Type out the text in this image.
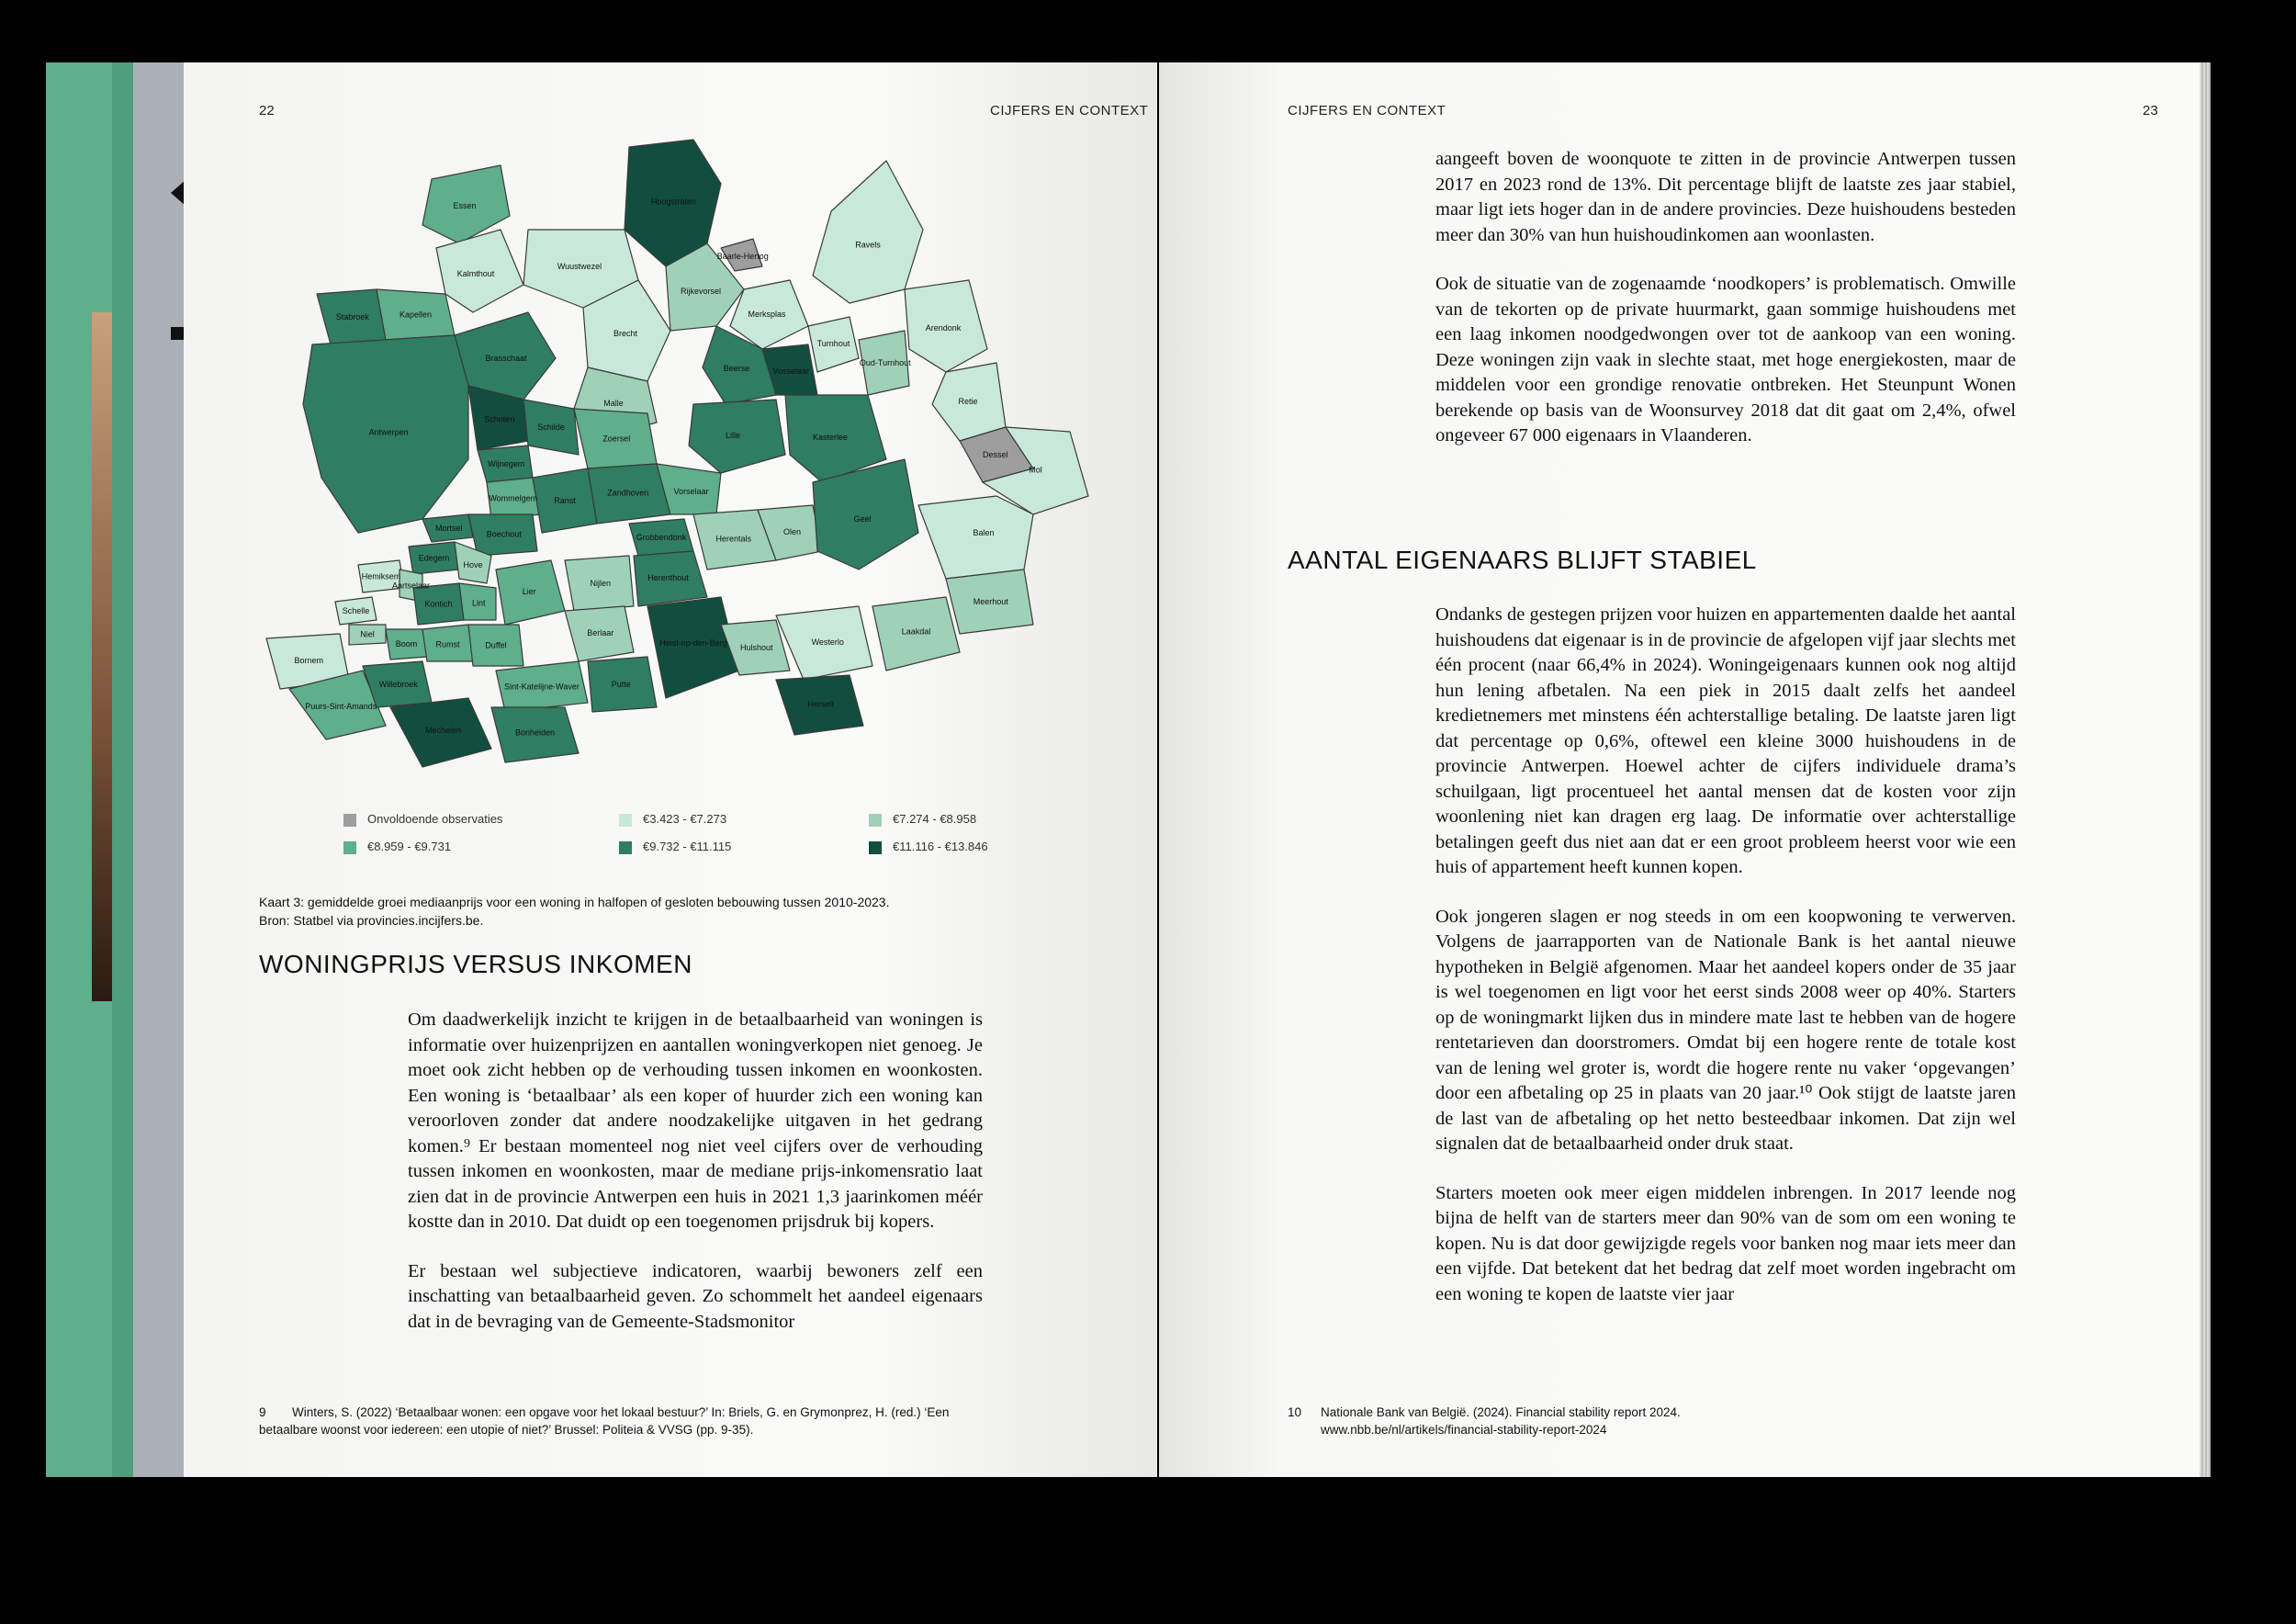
22	CIJFERS EN CONTEXT
Essen	Hoogstraten
Baarle-Hertog
Kalmthout
Wuustwezel
Ravels
Stabroek	Kapellen
Brecht
Rijkevorsel
Merksplas
Turnhout
Oud-Turnhout
Arendonk
Brasschaat
Malle
Beerse	Vosselaar
Retie
Antwerpen
Schoten
Schilde
Zoersel	Lille	Kasterlee
Dessel
Mol
Wijnegem
Wommelgem Ranst
Zandhoven	Vorselaar
Herentals
Grobbendonk
Olen
Geel
Balen
Mortsel
Boechout
Edegem
Hove
Hemiksem
Aartselaar
Kontich Lint
Lier
Nijlen
Herenthout
Meerhout
Schelle
Niel
Boom Rumst	Duffel
Berlaar
Westerlo
Laakdal
Bornem
Puurs-Sint-Amands
Willebroek	Sint-Katelijne-Waver	Putte
Heist-op-den-Berg Hulshout
Herselt
Mechelen	Bonheiden
Onvoldoende observaties	€3.423 - €7.273	€7.274 - €8.958
€8.959 - €9.731	€9.732 - €11.115	€11.116 - €13.846
Kaart 3: gemiddelde groei mediaanprijs voor een woning in halfopen of gesloten bebouwing tussen 2010-2023.
Bron: Statbel via provincies.incijfers.be.
WONINGPRIJS VERSUS INKOMEN

Om daadwerkelijk inzicht te krijgen in de betaalbaarheid van woningen is informatie over huizenprijzen en aantallen woningverkopen niet genoeg. Je moet ook zicht hebben op de verhouding tussen inkomen en woonkosten. Een woning is ‘betaalbaar’ als een koper of huurder zich een woning kan veroorloven zonder dat andere noodzakelijke uitgaven in het gedrang komen.⁹ Er bestaan momenteel nog niet veel cijfers over de verhouding tussen inkomen en woonkosten, maar de mediane prijs-inkomensratio laat zien dat in de provincie Antwerpen een huis in 2021 1,3 jaarinkomen méér kostte dan in 2010. Dat duidt op een toegenomen prijsdruk bij kopers.

Er bestaan wel subjectieve indicatoren, waarbij bewoners zelf een inschatting van betaalbaarheid geven. Zo schommelt het aandeel eigenaars dat in de bevraging van de Gemeente-Stadsmonitor

9 Winters, S. (2022) ‘Betaalbaar wonen: een opgave voor het lokaal bestuur?’ In: Briels, G. en Grymonprez, H. (red.) ‘Een betaalbare woonst voor iedereen: een utopie of niet?’ Brussel: Politeia & VVSG (pp. 9-35).

CIJFERS EN CONTEXT	23

aangeeft boven de woonquote te zitten in de provincie Antwerpen tussen 2017 en 2023 rond de 13%. Dit percentage blijft de laatste zes jaar stabiel, maar ligt iets hoger dan in de andere provincies. Deze huishoudens besteden meer dan 30% van hun huishoudinkomen aan woonlasten.

Ook de situatie van de zogenaamde ‘noodkopers’ is problematisch. Omwille van de tekorten op de private huurmarkt, gaan sommige huishoudens met een laag inkomen noodgedwongen over tot de aankoop van een woning. Deze woningen zijn vaak in slechte staat, met hoge energiekosten, maar de middelen voor een grondige renovatie ontbreken. Het Steunpunt Wonen berekende op basis van de Woonsurvey 2018 dat dit gaat om 2,4%, ofwel ongeveer 67 000 eigenaars in Vlaanderen.

AANTAL EIGENAARS BLIJFT STABIEL

Ondanks de gestegen prijzen voor huizen en appartementen daalde het aantal huishoudens dat eigenaar is in de provincie de afgelopen vijf jaar slechts met één procent (naar 66,4% in 2024). Woningeigenaars kunnen ook nog altijd hun lening afbetalen. Na een piek in 2015 daalt zelfs het aandeel kredietnemers met minstens één achterstallige betaling. De laatste jaren ligt dat percentage op 0,6%, oftewel een kleine 3000 huishoudens in de provincie Antwerpen. Hoewel achter de cijfers individuele drama’s schuilgaan, ligt procentueel het aantal mensen dat de kosten voor zijn woonlening niet kan dragen erg laag. De informatie over achterstallige betalingen geeft dus niet aan dat er een groot probleem heerst voor wie een huis of appartement heeft kunnen kopen.

Ook jongeren slagen er nog steeds in om een koopwoning te verwerven. Volgens de jaarrapporten van de Nationale Bank is het aantal nieuwe hypotheken in België afgenomen. Maar het aandeel kopers onder de 35 jaar is wel toegenomen en ligt voor het eerst sinds 2008 weer op 40%. Starters op de woningmarkt lijken dus in mindere mate last te hebben van de hogere rentetarieven dan doorstromers. Omdat bij een hogere rente de totale kost van de lening wel groter is, wordt die hogere rente nu vaker ‘opgevangen’ door een afbetaling op 25 in plaats van 20 jaar.¹⁰ Ook stijgt de laatste jaren de last van de afbetaling op het netto besteedbaar inkomen. Dat zijn wel signalen dat de betaalbaarheid onder druk staat.

Starters moeten ook meer eigen middelen inbrengen. In 2017 leende nog bijna de helft van de starters meer dan 90% van de som om een woning te kopen. Nu is dat door gewijzigde regels voor banken nog maar iets meer dan een vijfde. Dat betekent dat het bedrag dat zelf moet worden ingebracht om een woning te kopen de laatste vier jaar

10 Nationale Bank van België. (2024). Financial stability report 2024.
www.nbb.be/nl/artikels/financial-stability-report-2024
